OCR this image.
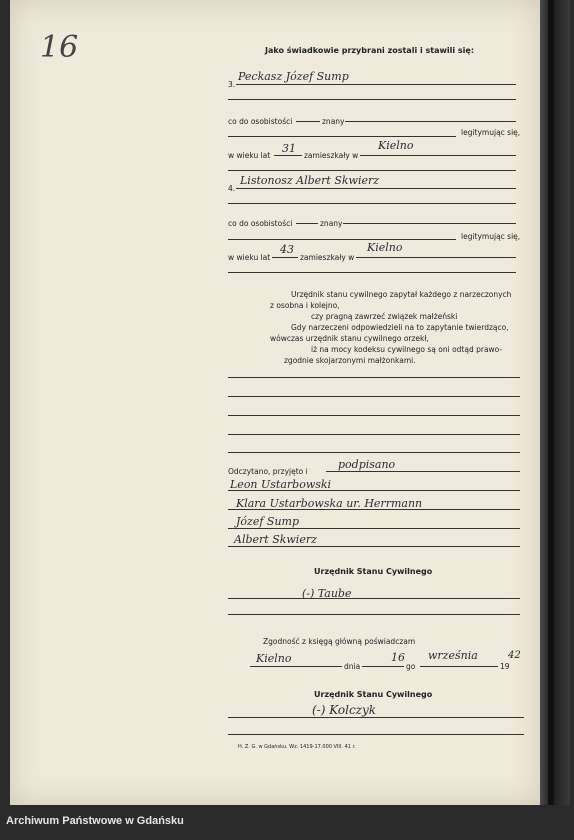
16	Jako świadkowie przybrani zostali i stawili się:
3.
Peckasz Józef Sump
co do osobistości	znany
legitymując się,
w wieku lat
31
zamieszkały w
Kielno
4.
Listonosz Albert Skwierz
co do osobistości	znany
legitymując się,
w wieku lat
43
zamieszkały w
Kielno
Urzędnik stanu cywilnego zapytał każdego z narzeczonych
z osobna i kolejno,
czy pragną zawrzeć związek małżeński
Gdy narzeczeni odpowiedzieli na to zapytanie twierdząco,
wówczas urzędnik stanu cywilnego orzekł,
iż na mocy kodeksu cywilnego są oni odtąd prawo-
zgodnie skojarzonymi małżonkami.
Odczytano, przyjęto i
podpisano
Leon Ustarbowski
Klara Ustarbowska ur. Herrmann
Józef Sump
Albert Skwierz
Urzędnik Stanu Cywilnego
(-) Taube
Zgodność z księgą główną poświadczam
Kielno
dnia
16
go
września
19
42
Urzędnik Stanu Cywilnego
(-) Kolczyk
H. Z. G. w Gdańsku. Wz. 1419-17.000 VIII. 41 r.
Archiwum Państwowe w Gdańsku
